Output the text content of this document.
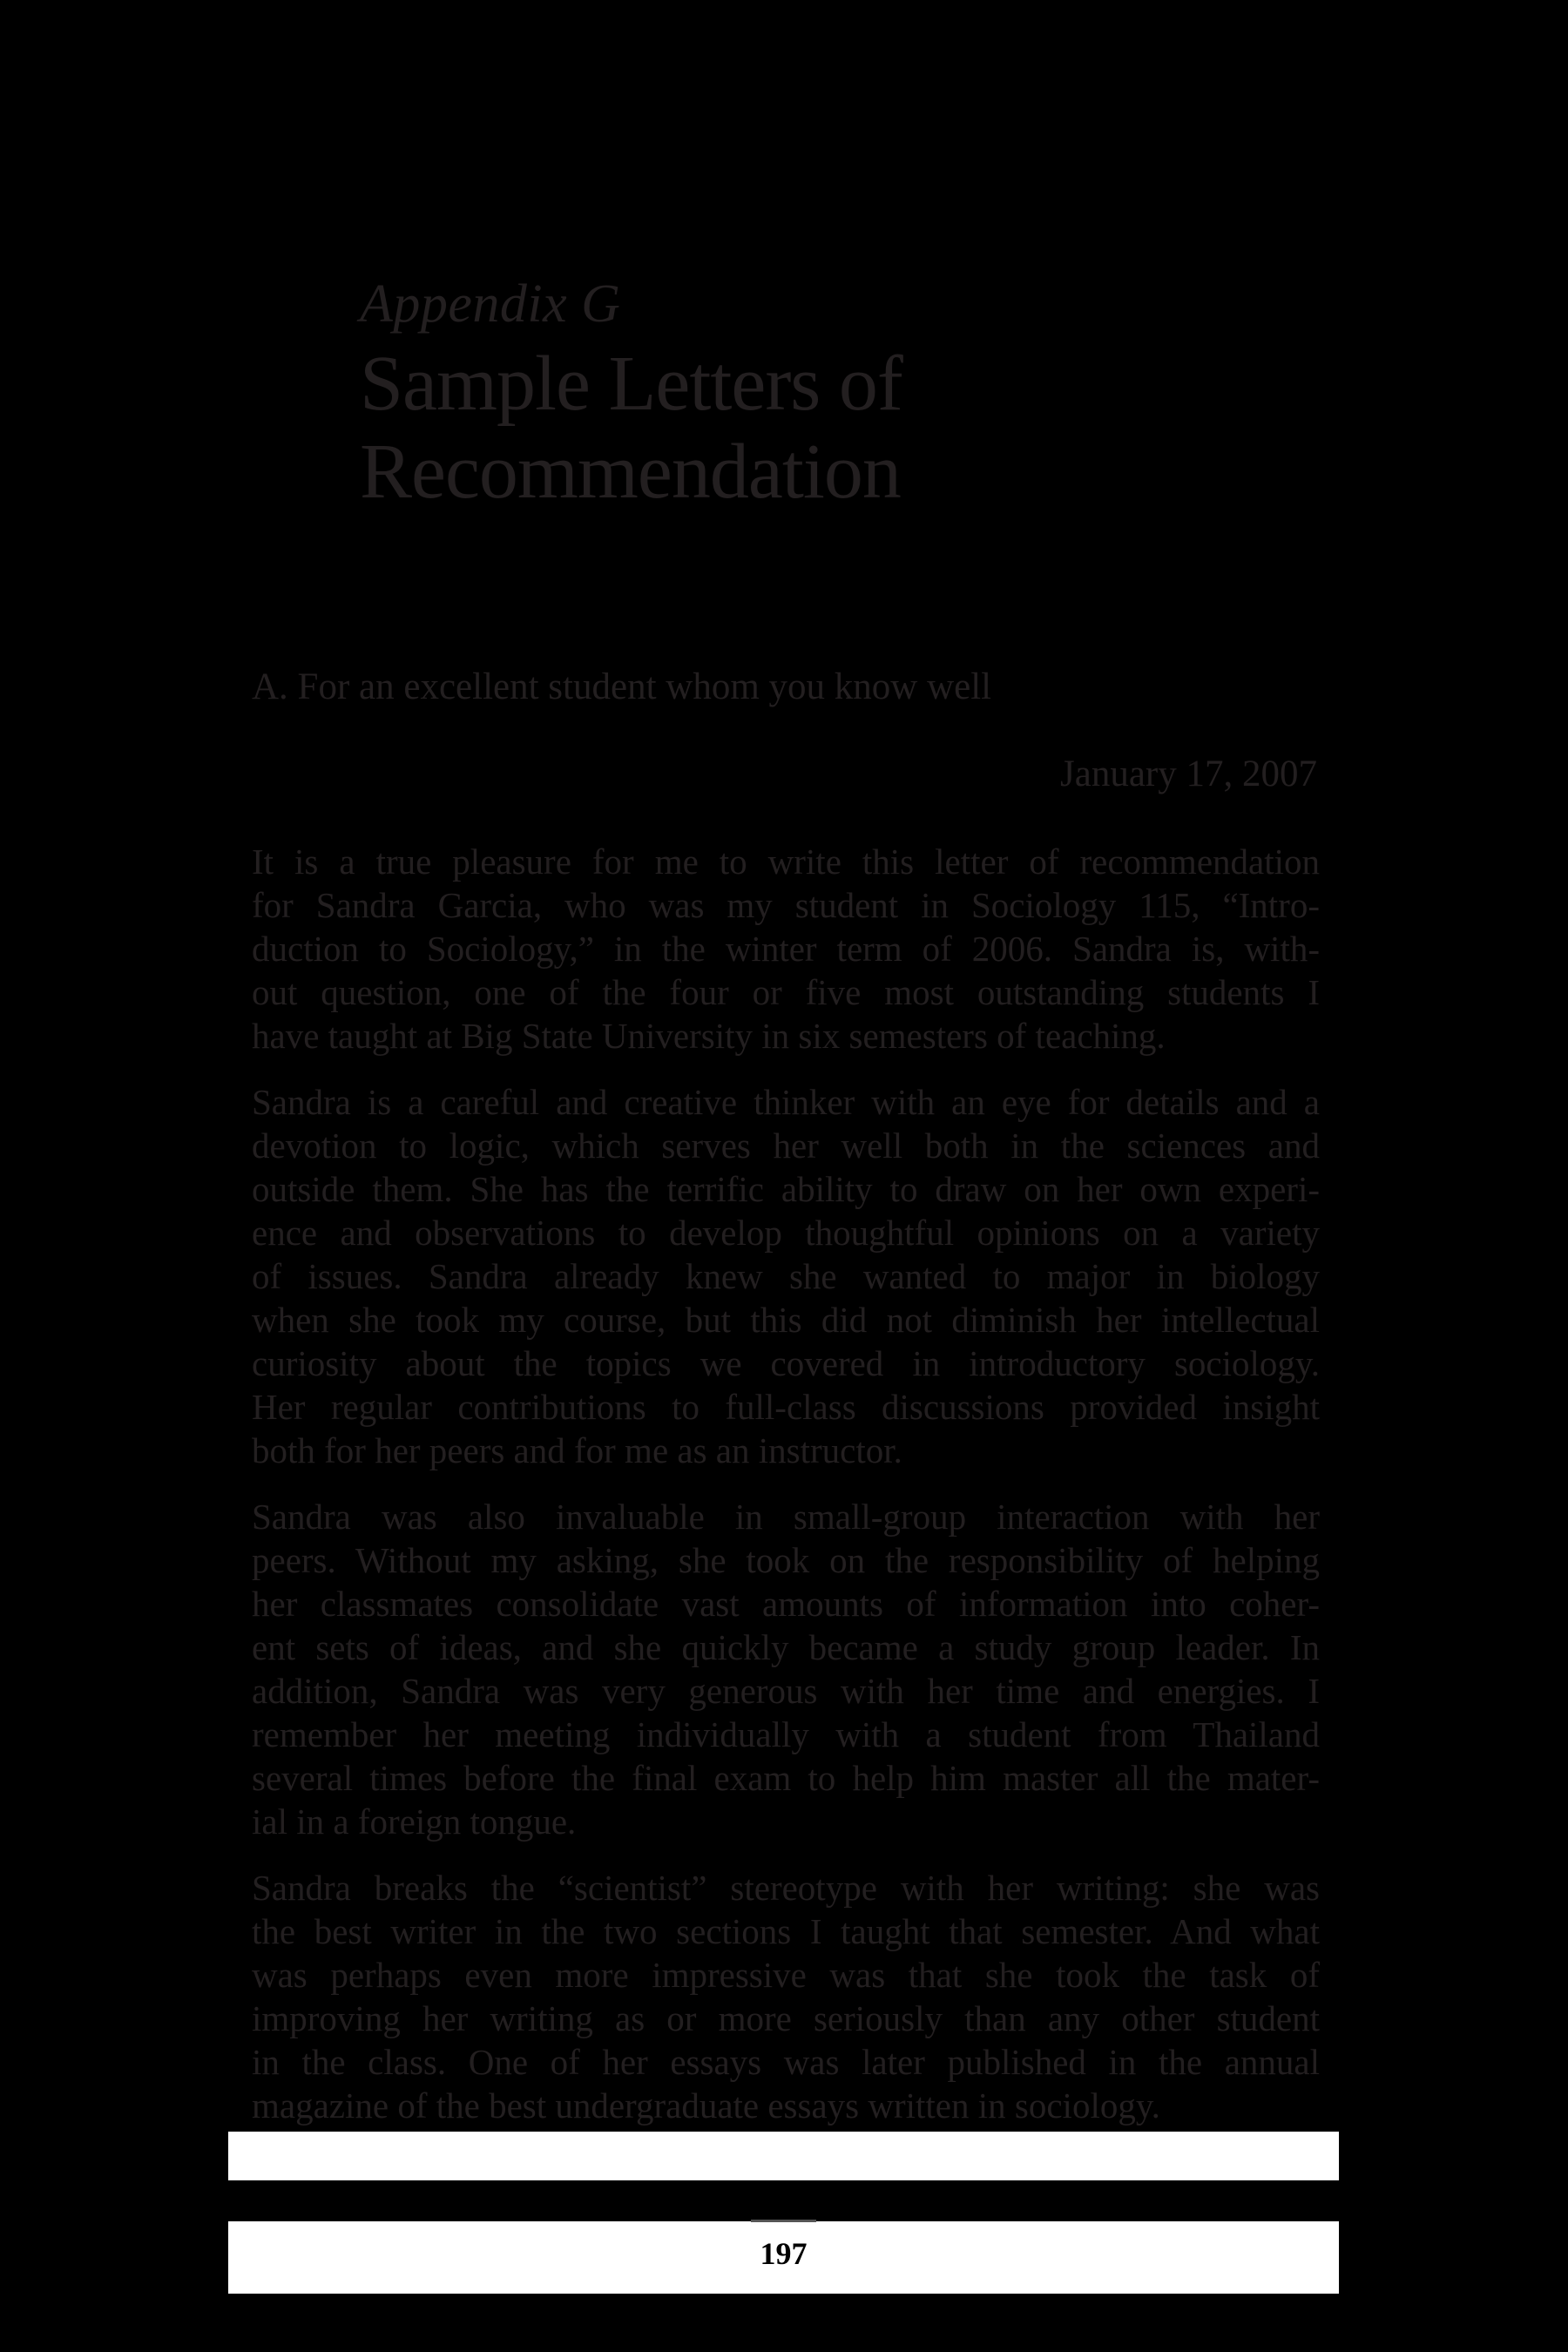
Appendix G

Sample Letters of
Recommendation
A. For an excellent student whom you know well
January 17, 2007
It is a true pleasure for me to write this letter of recommendation
for Sandra Garcia, who was my student in Sociology 115, “Intro-
duction to Sociology,” in the winter term of 2006. Sandra is, with-
out question, one of the four or five most outstanding students I
have taught at Big State University in six semesters of teaching.
Sandra is a careful and creative thinker with an eye for details and a
devotion to logic, which serves her well both in the sciences and
outside them. She has the terrific ability to draw on her own experi-
ence and observations to develop thoughtful opinions on a variety
of issues. Sandra already knew she wanted to major in biology
when she took my course, but this did not diminish her intellectual
curiosity about the topics we covered in introductory sociology.
Her regular contributions to full-class discussions provided insight
both for her peers and for me as an instructor.
Sandra was also invaluable in small-group interaction with her
peers. Without my asking, she took on the responsibility of helping
her classmates consolidate vast amounts of information into coher-
ent sets of ideas, and she quickly became a study group leader. In
addition, Sandra was very generous with her time and energies. I
remember her meeting individually with a student from Thailand
several times before the final exam to help him master all the mater-
ial in a foreign tongue.
Sandra breaks the “scientist” stereotype with her writing: she was
the best writer in the two sections I taught that semester. And what
was perhaps even more impressive was that she took the task of
improving her writing as or more seriously than any other student
in the class. One of her essays was later published in the annual
magazine of the best undergraduate essays written in sociology.
197
